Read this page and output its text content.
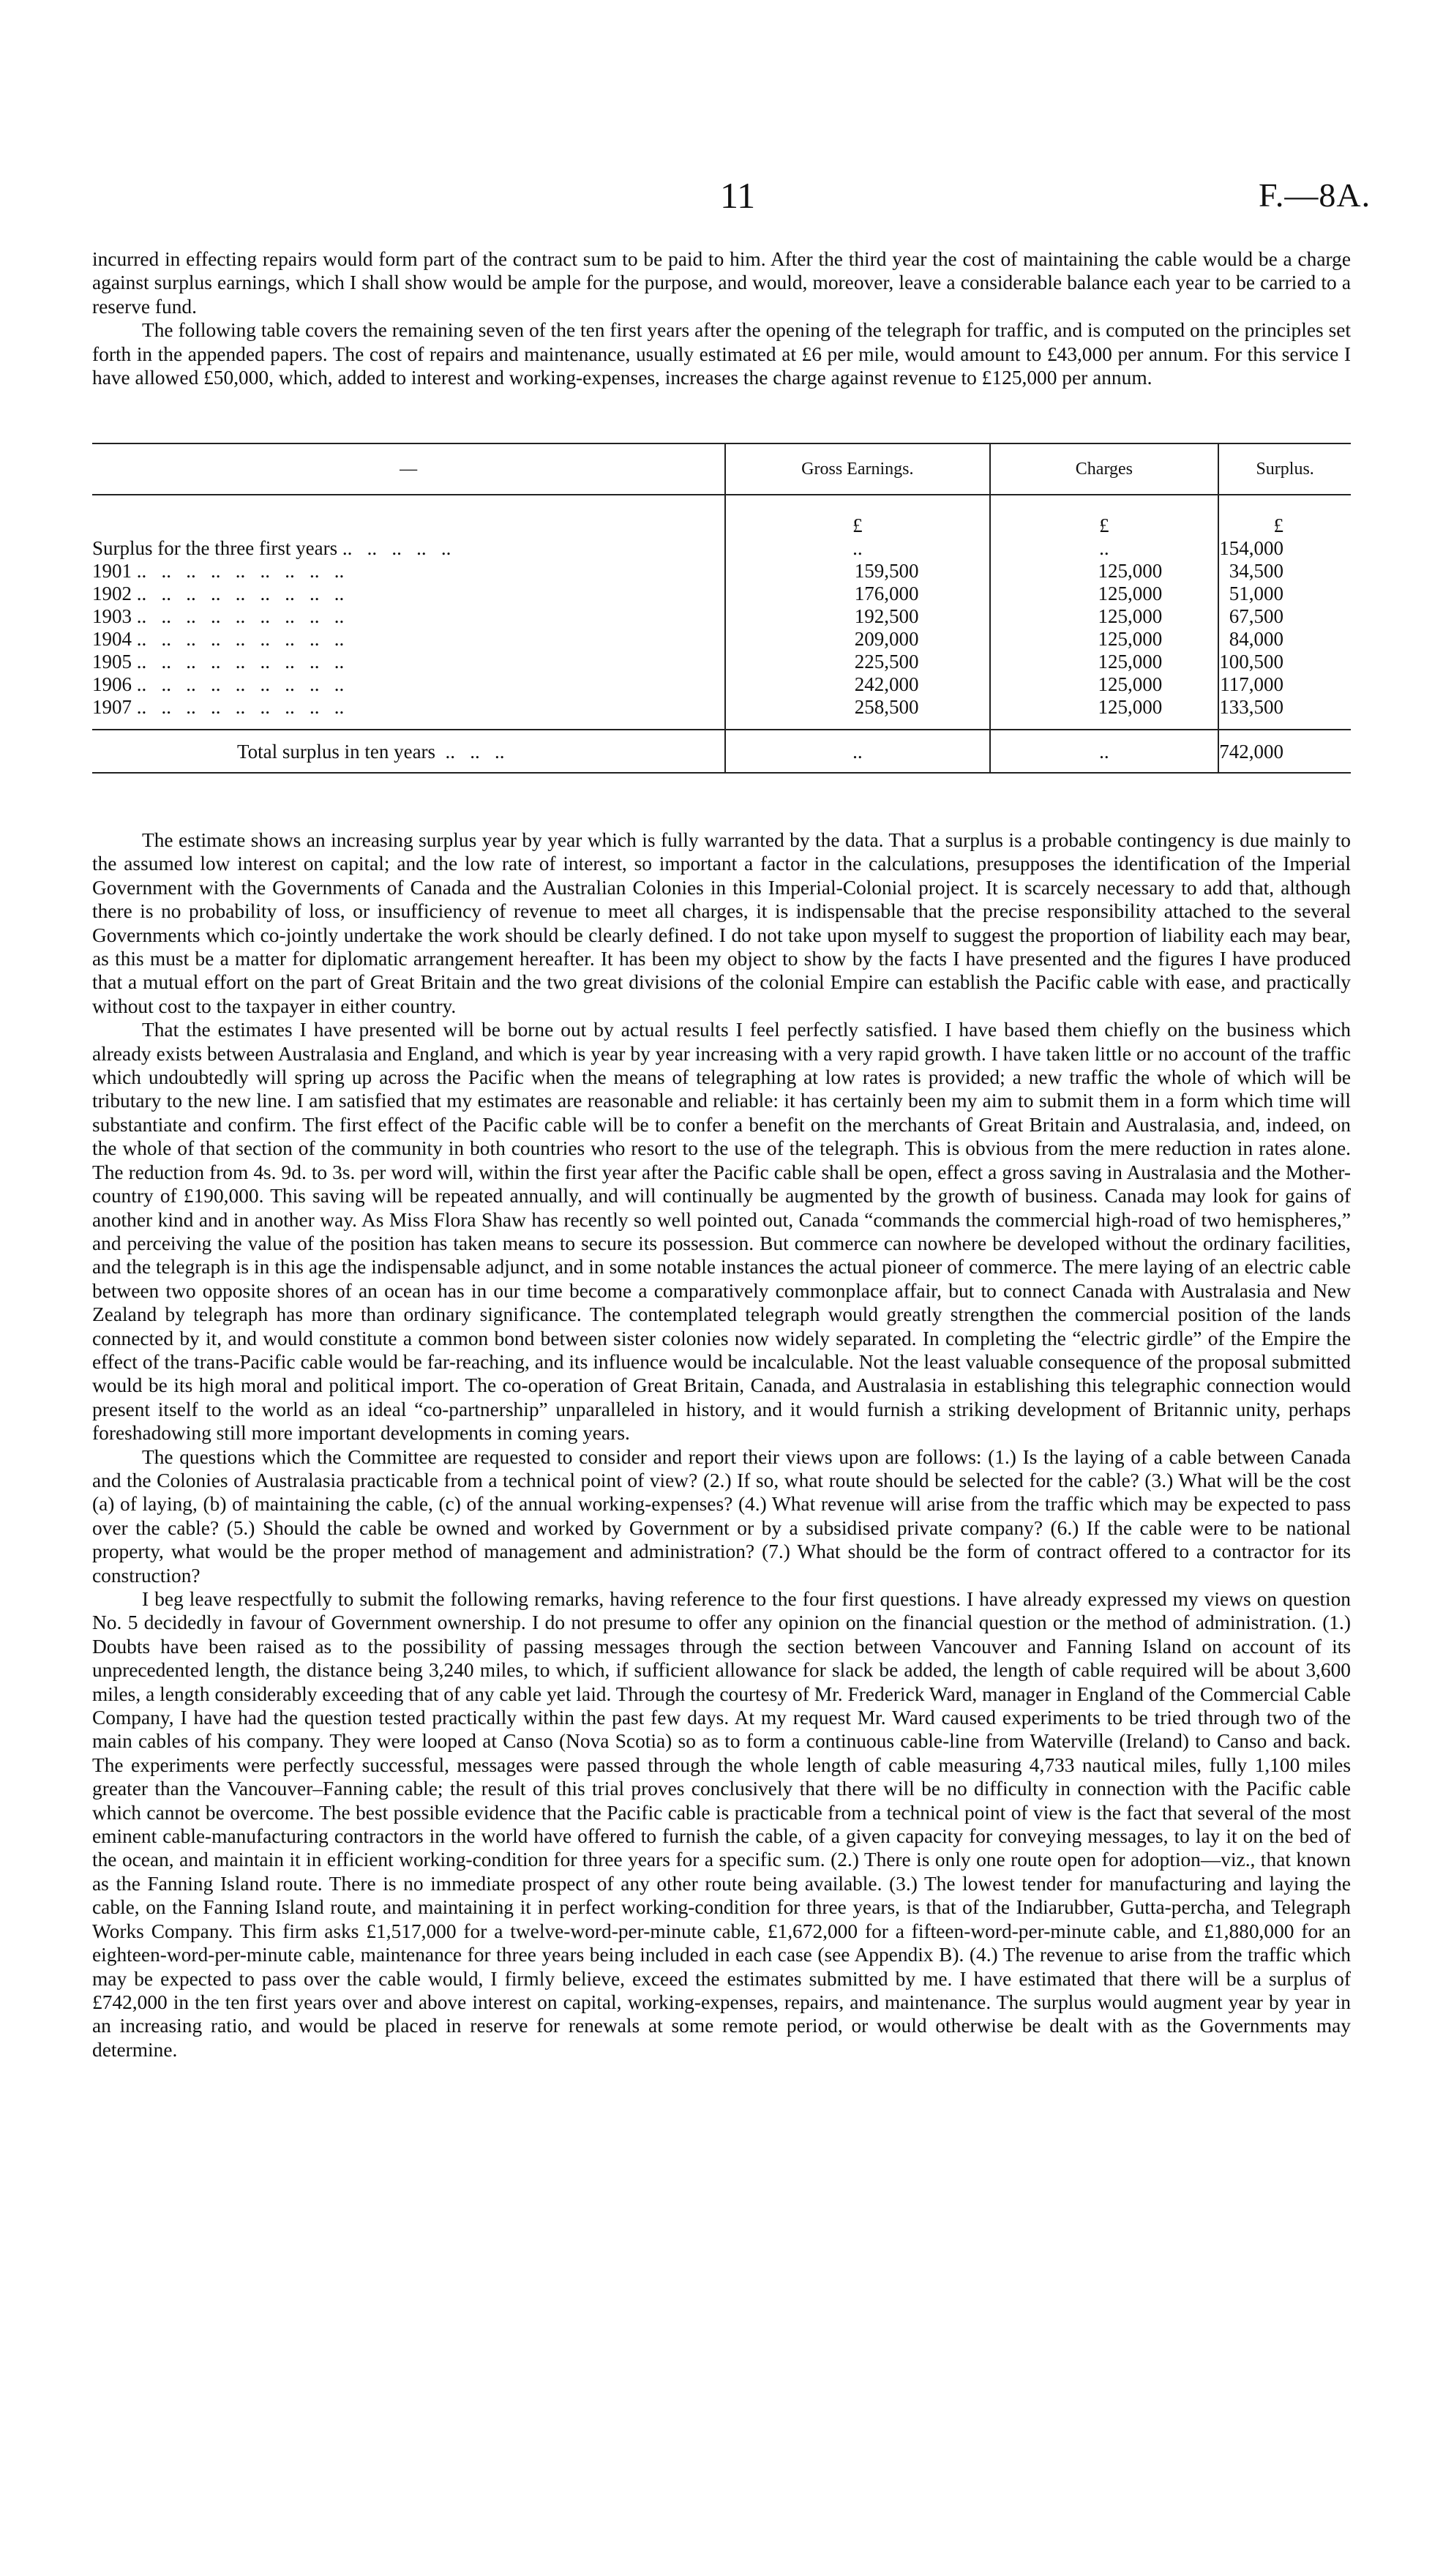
11	F.—8A.

incurred in effecting repairs would form part of the contract sum to be paid to him. After the third year the cost of maintaining the cable would be a charge against surplus earnings, which I shall show would be ample for the purpose, and would, moreover, leave a considerable balance each year to be carried to a reserve fund.

The following table covers the remaining seven of the ten first years after the opening of the telegraph for traffic, and is computed on the principles set forth in the appended papers. The cost of repairs and maintenance, usually estimated at £6 per mile, would amount to £43,000 per annum. For this service I have allowed £50,000, which, added to interest and working-expenses, increases the charge against revenue to £125,000 per annum.

—	Gross Earnings.	Charges	Surplus.
	£	£	£
Surplus for the three first years ..   ..   ..   ..   ..	..	..	154,000
1901 ..   ..   ..   ..   ..   ..   ..   ..   ..	159,500	125,000	34,500
1902 ..   ..   ..   ..   ..   ..   ..   ..   ..	176,000	125,000	51,000
1903 ..   ..   ..   ..   ..   ..   ..   ..   ..	192,500	125,000	67,500
1904 ..   ..   ..   ..   ..   ..   ..   ..   ..	209,000	125,000	84,000
1905 ..   ..   ..   ..   ..   ..   ..   ..   ..	225,500	125,000	100,500
1906 ..   ..   ..   ..   ..   ..   ..   ..   ..	242,000	125,000	117,000
1907 ..   ..   ..   ..   ..   ..   ..   ..   ..	258,500	125,000	133,500

Total surplus in ten years  ..   ..   ..	..	..	742,000

The estimate shows an increasing surplus year by year which is fully warranted by the data. That a surplus is a probable contingency is due mainly to the assumed low interest on capital; and the low rate of interest, so important a factor in the calculations, presupposes the identification of the Imperial Government with the Governments of Canada and the Australian Colonies in this Imperial-Colonial project. It is scarcely necessary to add that, although there is no probability of loss, or insufficiency of revenue to meet all charges, it is indispensable that the precise responsibility attached to the several Governments which co-jointly undertake the work should be clearly defined. I do not take upon myself to suggest the proportion of liability each may bear, as this must be a matter for diplomatic arrangement hereafter. It has been my object to show by the facts I have presented and the figures I have produced that a mutual effort on the part of Great Britain and the two great divisions of the colonial Empire can establish the Pacific cable with ease, and practically without cost to the taxpayer in either country.

That the estimates I have presented will be borne out by actual results I feel perfectly satisfied. I have based them chiefly on the business which already exists between Australasia and England, and which is year by year increasing with a very rapid growth. I have taken little or no account of the traffic which undoubtedly will spring up across the Pacific when the means of telegraphing at low rates is provided; a new traffic the whole of which will be tributary to the new line. I am satisfied that my estimates are reasonable and reliable: it has certainly been my aim to submit them in a form which time will substantiate and confirm. The first effect of the Pacific cable will be to confer a benefit on the merchants of Great Britain and Australasia, and, indeed, on the whole of that section of the community in both countries who resort to the use of the telegraph. This is obvious from the mere reduction in rates alone. The reduction from 4s. 9d. to 3s. per word will, within the first year after the Pacific cable shall be open, effect a gross saving in Australasia and the Mother-country of £190,000. This saving will be repeated annually, and will continually be augmented by the growth of business. Canada may look for gains of another kind and in another way. As Miss Flora Shaw has recently so well pointed out, Canada “commands the commercial high-road of two hemispheres,” and perceiving the value of the position has taken means to secure its possession. But commerce can nowhere be developed without the ordinary facilities, and the telegraph is in this age the indispensable adjunct, and in some notable instances the actual pioneer of commerce. The mere laying of an electric cable between two opposite shores of an ocean has in our time become a comparatively commonplace affair, but to connect Canada with Australasia and New Zealand by telegraph has more than ordinary significance. The contemplated telegraph would greatly strengthen the commercial position of the lands connected by it, and would constitute a common bond between sister colonies now widely separated. In completing the “electric girdle” of the Empire the effect of the trans-Pacific cable would be far-reaching, and its influence would be incalculable. Not the least valuable consequence of the proposal submitted would be its high moral and political import. The co-operation of Great Britain, Canada, and Australasia in establishing this telegraphic connection would present itself to the world as an ideal “co-partnership” unparalleled in history, and it would furnish a striking development of Britannic unity, perhaps foreshadowing still more important developments in coming years.

The questions which the Committee are requested to consider and report their views upon are follows: (1.) Is the laying of a cable between Canada and the Colonies of Australasia practicable from a technical point of view? (2.) If so, what route should be selected for the cable? (3.) What will be the cost (a) of laying, (b) of maintaining the cable, (c) of the annual working-expenses? (4.) What revenue will arise from the traffic which may be expected to pass over the cable? (5.) Should the cable be owned and worked by Government or by a subsidised private company? (6.) If the cable were to be national property, what would be the proper method of management and administration? (7.) What should be the form of contract offered to a contractor for its construction?

I beg leave respectfully to submit the following remarks, having reference to the four first questions. I have already expressed my views on question No. 5 decidedly in favour of Government ownership. I do not presume to offer any opinion on the financial question or the method of administration. (1.) Doubts have been raised as to the possibility of passing messages through the section between Vancouver and Fanning Island on account of its unprecedented length, the distance being 3,240 miles, to which, if sufficient allowance for slack be added, the length of cable required will be about 3,600 miles, a length considerably exceeding that of any cable yet laid. Through the courtesy of Mr. Frederick Ward, manager in England of the Commercial Cable Company, I have had the question tested practically within the past few days. At my request Mr. Ward caused experiments to be tried through two of the main cables of his company. They were looped at Canso (Nova Scotia) so as to form a continuous cable-line from Waterville (Ireland) to Canso and back. The experiments were perfectly successful, messages were passed through the whole length of cable measuring 4,733 nautical miles, fully 1,100 miles greater than the Vancouver–Fanning cable; the result of this trial proves conclusively that there will be no difficulty in connection with the Pacific cable which cannot be overcome. The best possible evidence that the Pacific cable is practicable from a technical point of view is the fact that several of the most eminent cable-manufacturing contractors in the world have offered to furnish the cable, of a given capacity for conveying messages, to lay it on the bed of the ocean, and maintain it in efficient working-condition for three years for a specific sum. (2.) There is only one route open for adoption—viz., that known as the Fanning Island route. There is no immediate prospect of any other route being available. (3.) The lowest tender for manufacturing and laying the cable, on the Fanning Island route, and maintaining it in perfect working-condition for three years, is that of the Indiarubber, Gutta-percha, and Telegraph Works Company. This firm asks £1,517,000 for a twelve-word-per-minute cable, £1,672,000 for a fifteen-word-per-minute cable, and £1,880,000 for an eighteen-word-per-minute cable, maintenance for three years being included in each case (see Appendix B). (4.) The revenue to arise from the traffic which may be expected to pass over the cable would, I firmly believe, exceed the estimates submitted by me. I have estimated that there will be a surplus of £742,000 in the ten first years over and above interest on capital, working-expenses, repairs, and maintenance. The surplus would augment year by year in an increasing ratio, and would be placed in reserve for renewals at some remote period, or would otherwise be dealt with as the Governments may determine.
